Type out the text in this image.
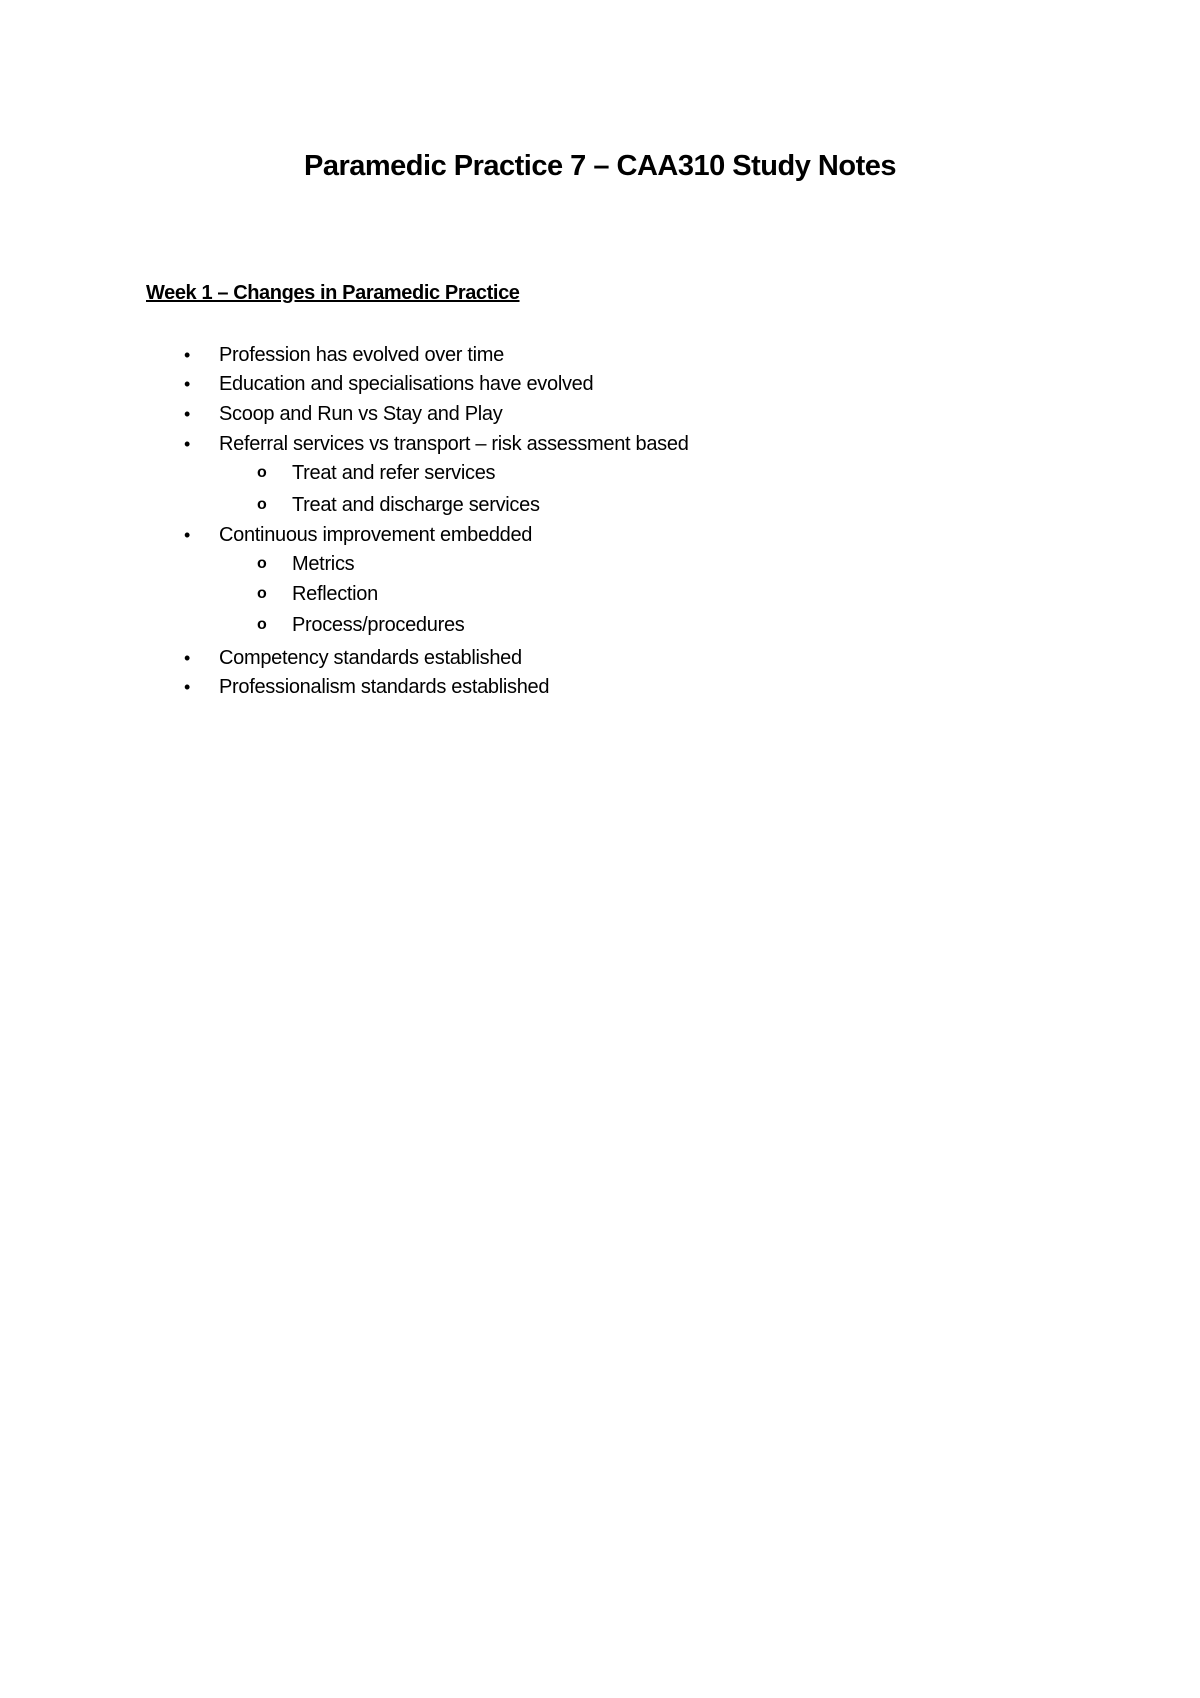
Paramedic Practice 7 – CAA310 Study Notes
Week 1 – Changes in Paramedic Practice
• Profession has evolved over time
• Education and specialisations have evolved
• Scoop and Run vs Stay and Play
• Referral services vs transport – risk assessment based
o Treat and refer services
o Treat and discharge services
• Continuous improvement embedded
o Metrics
o Reflection
o Process/procedures
• Competency standards established
• Professionalism standards established
